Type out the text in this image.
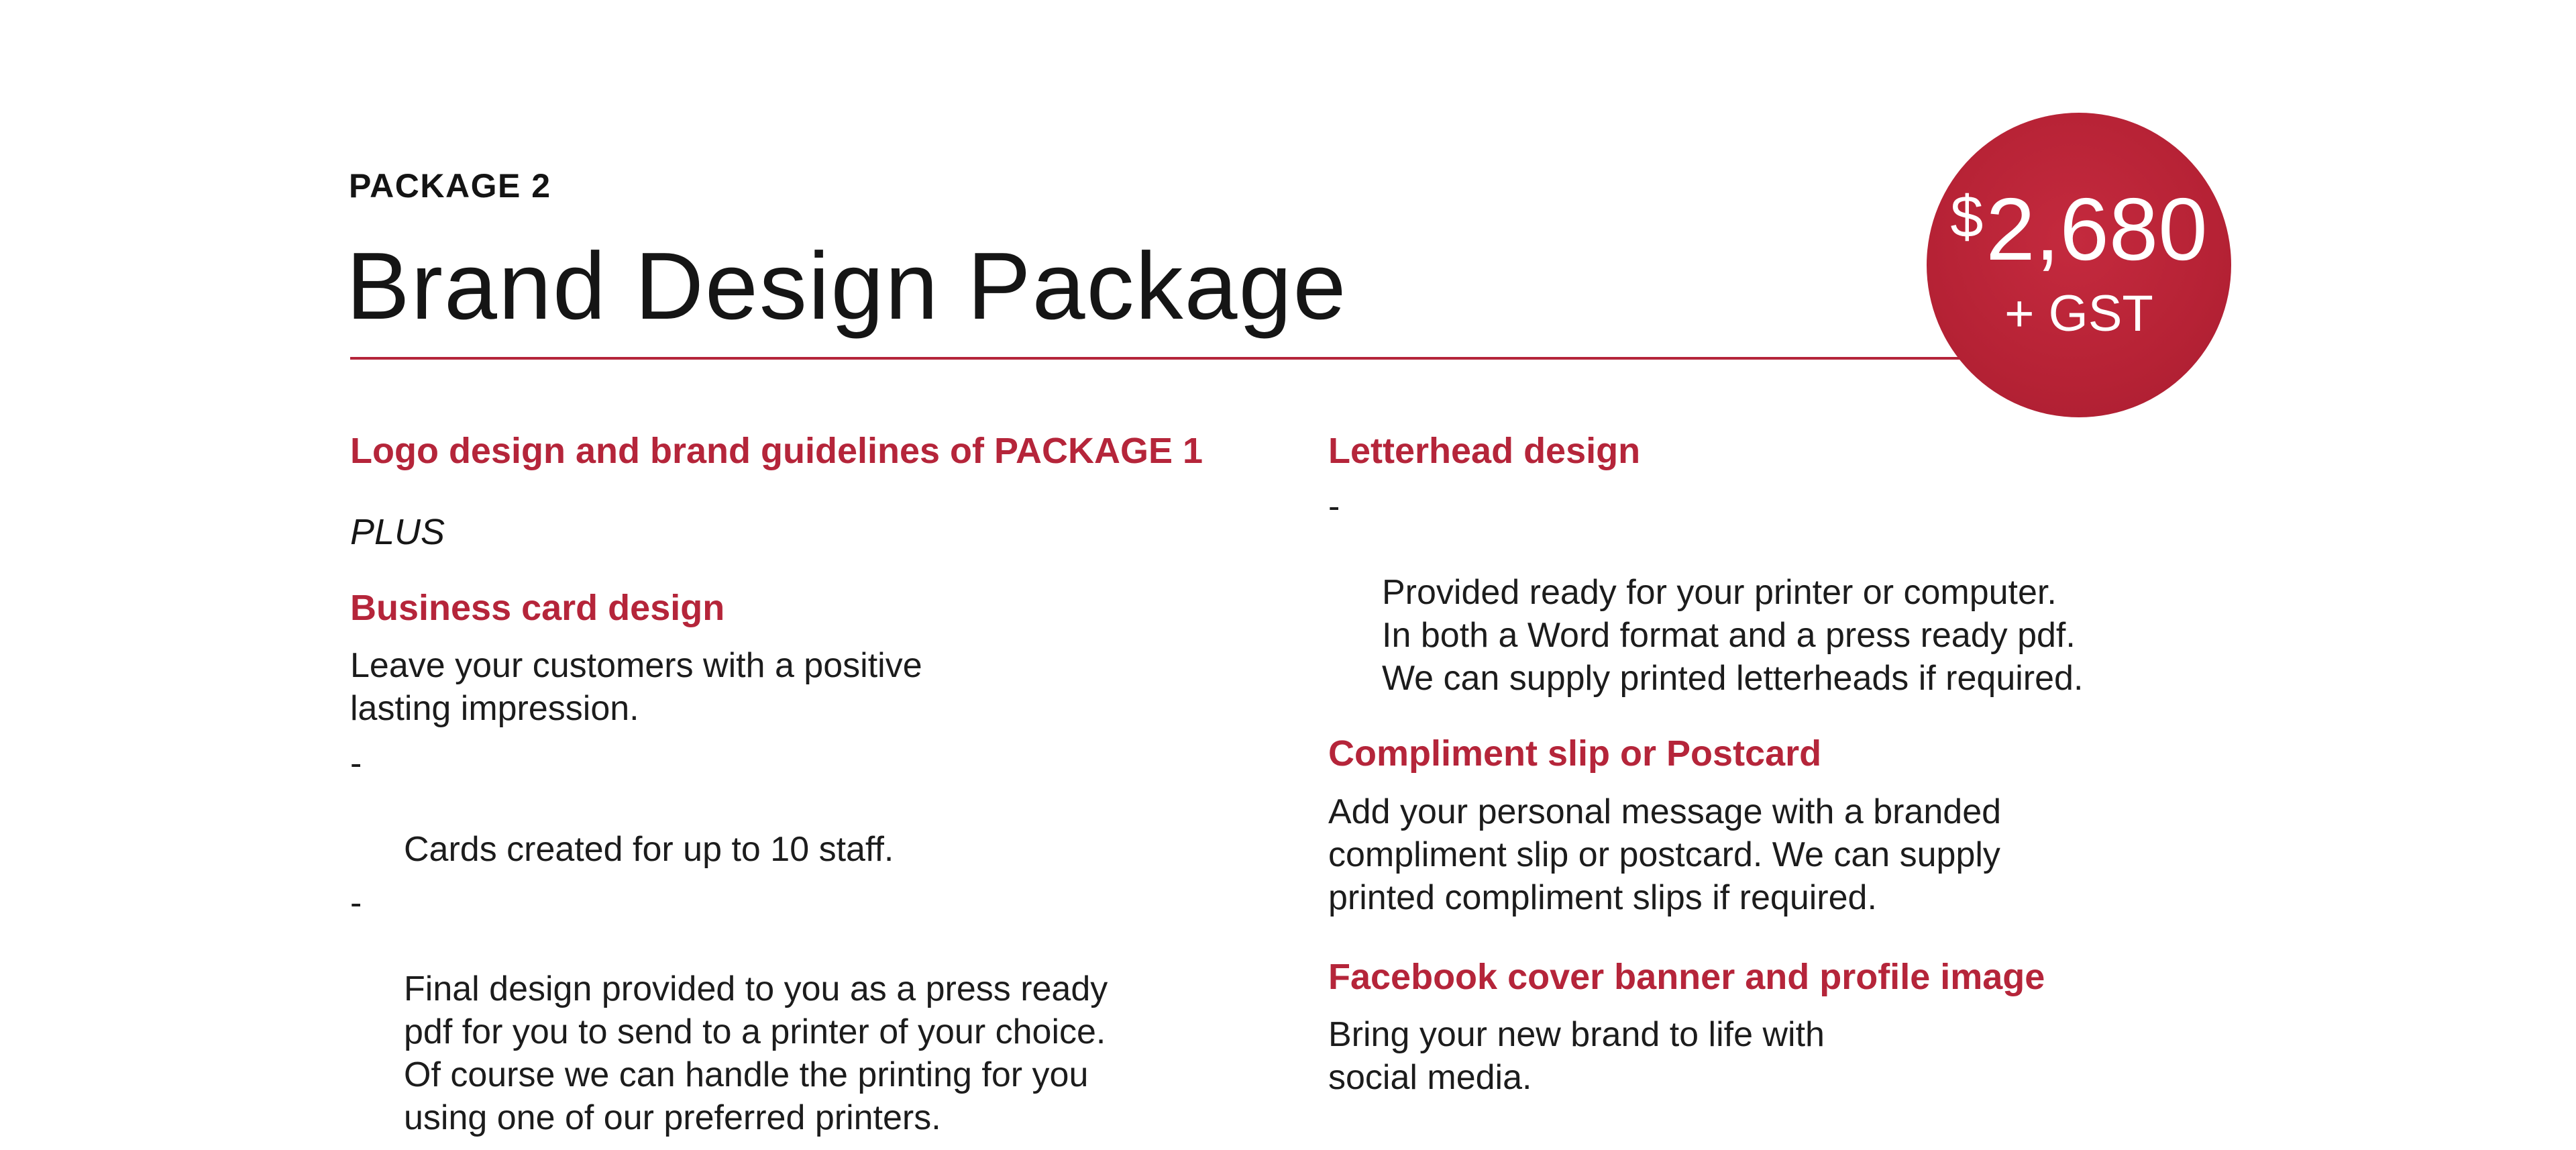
PACKAGE 2
Brand Design Package
$2,680
+ GST
Logo design and brand guidelines of PACKAGE 1

PLUS

Business card design

Leave your customers with a positive
lasting impression.

-

Cards created for up to 10 staff.

-

Final design provided to you as a press ready
pdf for you to send to a printer of your choice.
Of course we can handle the printing for you
using one of our preferred printers.

Letterhead design

-

Provided ready for your printer or computer.
In both a Word format and a press ready pdf.
We can supply printed letterheads if required.

Compliment slip or Postcard

Add your personal message with a branded
compliment slip or postcard. We can supply
printed compliment slips if required.

Facebook cover banner and profile image

Bring your new brand to life with
social media.
